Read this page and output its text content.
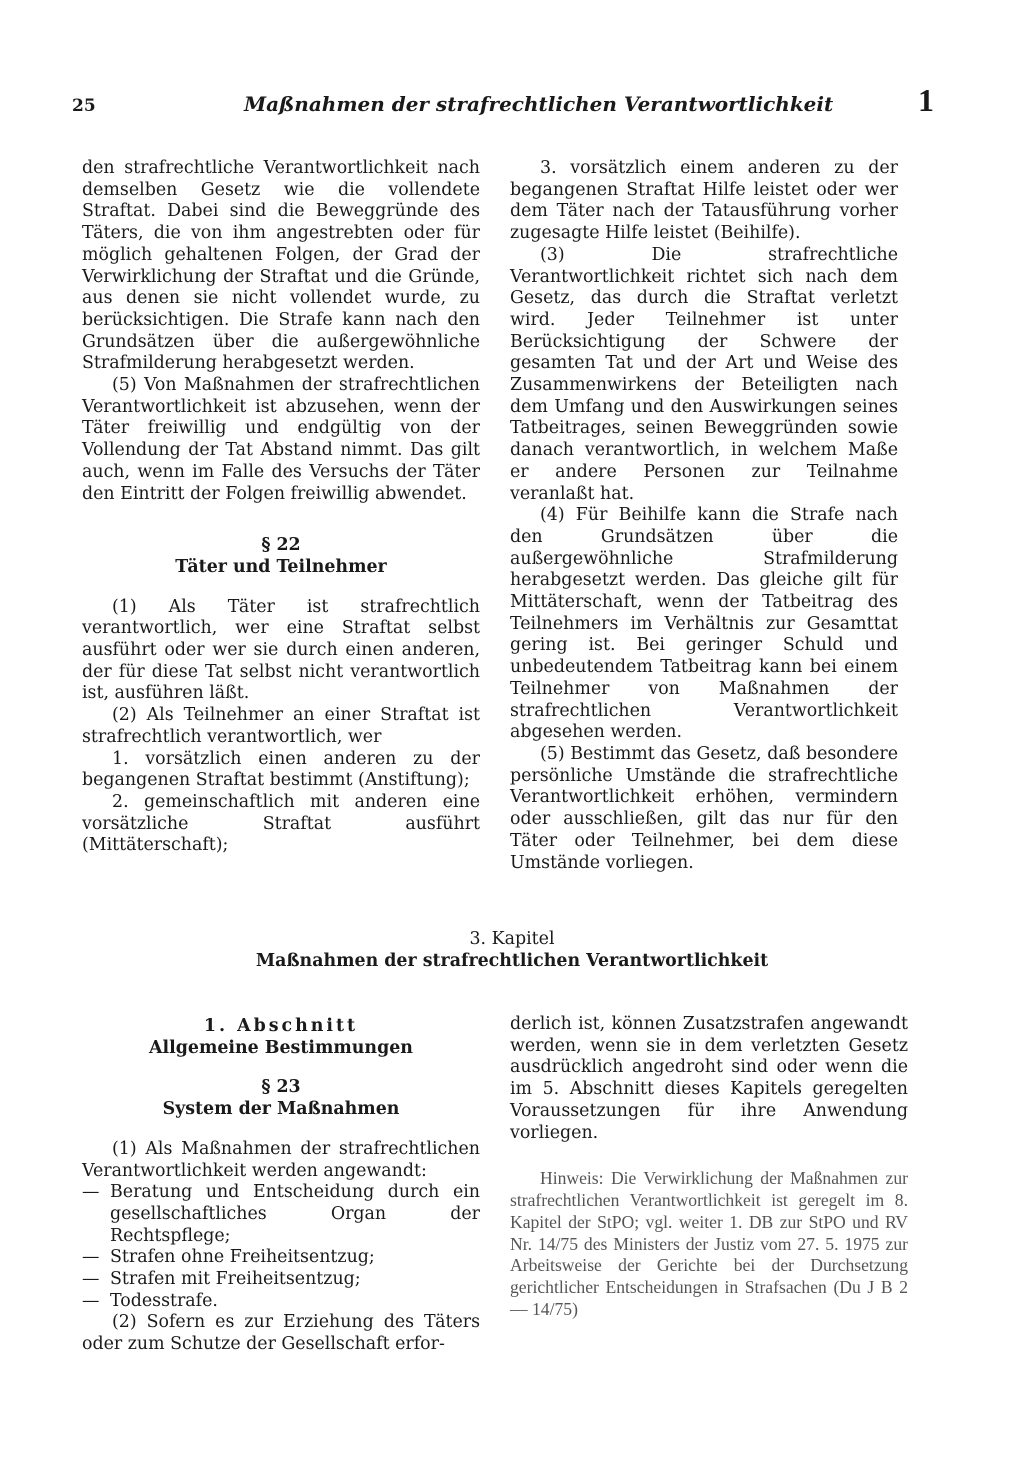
25	Maßnahmen der strafrechtlichen Verantwortlichkeit	1

den strafrechtliche Verantwortlichkeit nach demselben Gesetz wie die vollendete Straftat. Dabei sind die Beweggründe des Täters, die von ihm angestrebten oder für möglich gehaltenen Folgen, der Grad der Verwirklichung der Straftat und die Gründe, aus denen sie nicht vollendet wurde, zu berücksichtigen. Die Strafe kann nach den Grundsätzen über die außergewöhnliche Strafmilderung herabgesetzt werden.

(5) Von Maßnahmen der strafrechtlichen Verantwortlichkeit ist abzusehen, wenn der Täter freiwillig und endgültig von der Vollendung der Tat Abstand nimmt. Das gilt auch, wenn im Falle des Versuchs der Täter den Eintritt der Folgen freiwillig abwendet.

§ 22

Täter und Teilnehmer

(1) Als Täter ist strafrechtlich verantwortlich, wer eine Straftat selbst ausführt oder wer sie durch einen anderen, der für diese Tat selbst nicht verantwortlich ist, ausführen läßt.

(2) Als Teilnehmer an einer Straftat ist strafrechtlich verantwortlich, wer

1. vorsätzlich einen anderen zu der begangenen Straftat bestimmt (Anstiftung);

2. gemeinschaftlich mit anderen eine vorsätzliche Straftat ausführt (Mittäterschaft);

3. vorsätzlich einem anderen zu der begangenen Straftat Hilfe leistet oder wer dem Täter nach der Tatausführung vorher zugesagte Hilfe leistet (Beihilfe).

(3) Die strafrechtliche Verantwortlichkeit richtet sich nach dem Gesetz, das durch die Straftat verletzt wird. Jeder Teilnehmer ist unter Berücksichtigung der Schwere der gesamten Tat und der Art und Weise des Zusammenwirkens der Beteiligten nach dem Umfang und den Auswirkungen seines Tatbeitrages, seinen Beweggründen sowie danach verantwortlich, in welchem Maße er andere Personen zur Teilnahme veranlaßt hat.

(4) Für Beihilfe kann die Strafe nach den Grundsätzen über die außergewöhnliche Strafmilderung herabgesetzt werden. Das gleiche gilt für Mittäterschaft, wenn der Tatbeitrag des Teilnehmers im Verhältnis zur Gesamttat gering ist. Bei geringer Schuld und unbedeutendem Tatbeitrag kann bei einem Teilnehmer von Maßnahmen der strafrechtlichen Verantwortlichkeit abgesehen werden.

(5) Bestimmt das Gesetz, daß besondere persönliche Umstände die strafrechtliche Verantwortlichkeit erhöhen, vermindern oder ausschließen, gilt das nur für den Täter oder Teilnehmer, bei dem diese Umstände vorliegen.

3. Kapitel
Maßnahmen der strafrechtlichen Verantwortlichkeit

1. Abschnitt

Allgemeine Bestimmungen

§ 23

System der Maßnahmen

(1) Als Maßnahmen der strafrechtlichen Verantwortlichkeit werden angewandt:

— Beratung und Entscheidung durch ein gesellschaftliches Organ der Rechtspflege;
— Strafen ohne Freiheitsentzug;
— Strafen mit Freiheitsentzug;
— Todesstrafe.

(2) Sofern es zur Erziehung des Täters oder zum Schutze der Gesellschaft erfor-

derlich ist, können Zusatzstrafen angewandt werden, wenn sie in dem verletzten Gesetz ausdrücklich angedroht sind oder wenn die im 5. Abschnitt dieses Kapitels geregelten Voraussetzungen für ihre Anwendung vorliegen.

Hinweis: Die Verwirklichung der Maßnahmen zur strafrechtlichen Verantwortlichkeit ist geregelt im 8. Kapitel der StPO; vgl. weiter 1. DB zur StPO und RV Nr. 14/75 des Ministers der Justiz vom 27. 5. 1975 zur Arbeitsweise der Gerichte bei der Durchsetzung gerichtlicher Entscheidungen in Strafsachen (Du J B 2 — 14/75)
